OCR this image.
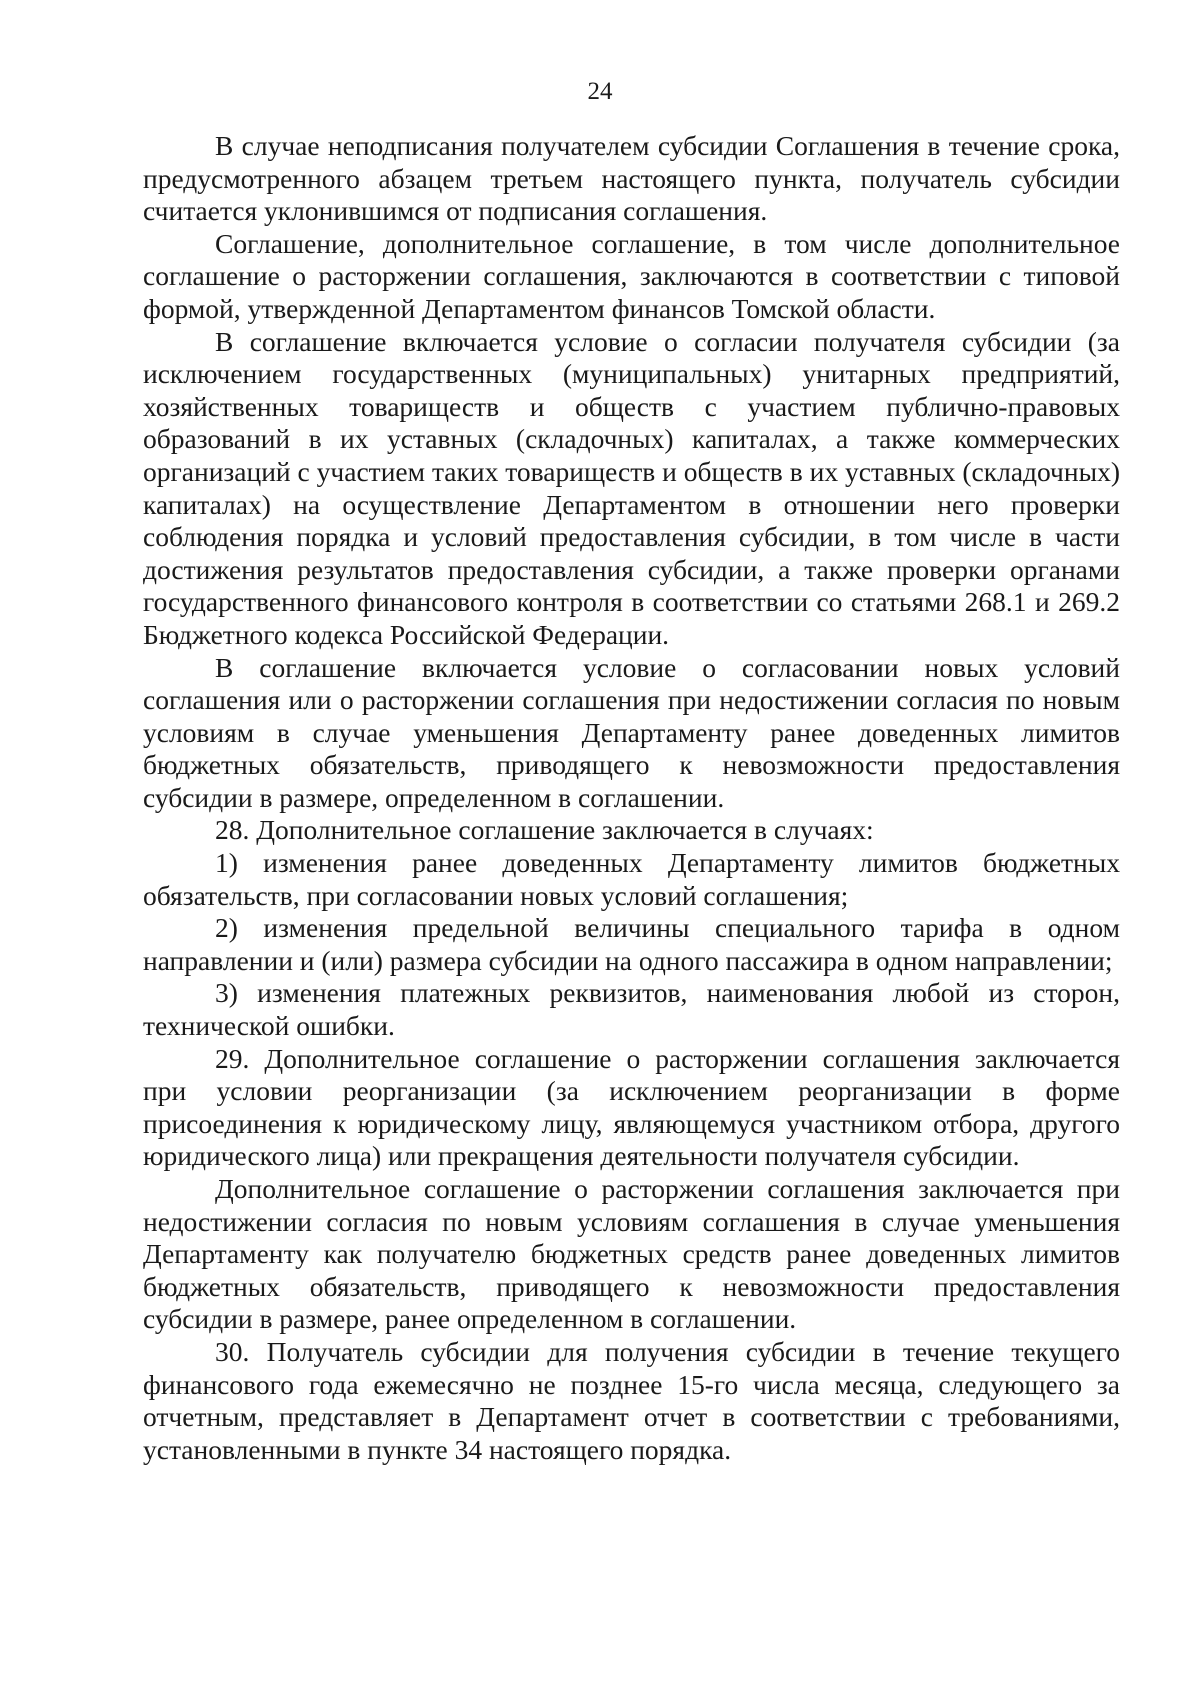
24

В случае неподписания получателем субсидии Соглашения в течение срока, предусмотренного абзацем третьем настоящего пункта, получатель субсидии считается уклонившимся от подписания соглашения.

Соглашение, дополнительное соглашение, в том числе дополнительное соглашение о расторжении соглашения, заключаются в соответствии с типовой формой, утвержденной Департаментом финансов Томской области.

В соглашение включается условие о согласии получателя субсидии (за исключением государственных (муниципальных) унитарных предприятий, хозяйственных товариществ и обществ с участием публично-правовых образований в их уставных (складочных) капиталах, а также коммерческих организаций с участием таких товариществ и обществ в их уставных (складочных) капиталах) на осуществление Департаментом в отношении него проверки соблюдения порядка и условий предоставления субсидии, в том числе в части достижения результатов предоставления субсидии, а также проверки органами государственного финансового контроля в соответствии со статьями 268.1 и 269.2 Бюджетного кодекса Российской Федерации.

В соглашение включается условие о согласовании новых условий соглашения или о расторжении соглашения при недостижении согласия по новым условиям в случае уменьшения Департаменту ранее доведенных лимитов бюджетных обязательств, приводящего к невозможности предоставления субсидии в размере, определенном в соглашении.

28. Дополнительное соглашение заключается в случаях:

1) изменения ранее доведенных Департаменту лимитов бюджетных обязательств, при согласовании новых условий соглашения;

2) изменения предельной величины специального тарифа в одном направлении и (или) размера субсидии на одного пассажира в одном направлении;

3) изменения платежных реквизитов, наименования любой из сторон, технической ошибки.

29. Дополнительное соглашение о расторжении соглашения заключается при условии реорганизации (за исключением реорганизации в форме присоединения к юридическому лицу, являющемуся участником отбора, другого юридического лица) или прекращения деятельности получателя субсидии.

Дополнительное соглашение о расторжении соглашения заключается при недостижении согласия по новым условиям соглашения в случае уменьшения Департаменту как получателю бюджетных средств ранее доведенных лимитов бюджетных обязательств, приводящего к невозможности предоставления субсидии в размере, ранее определенном в соглашении.

30. Получатель субсидии для получения субсидии в течение текущего финансового года ежемесячно не позднее 15-го числа месяца, следующего за отчетным, представляет в Департамент отчет в соответствии с требованиями, установленными в пункте 34 настоящего порядка.
